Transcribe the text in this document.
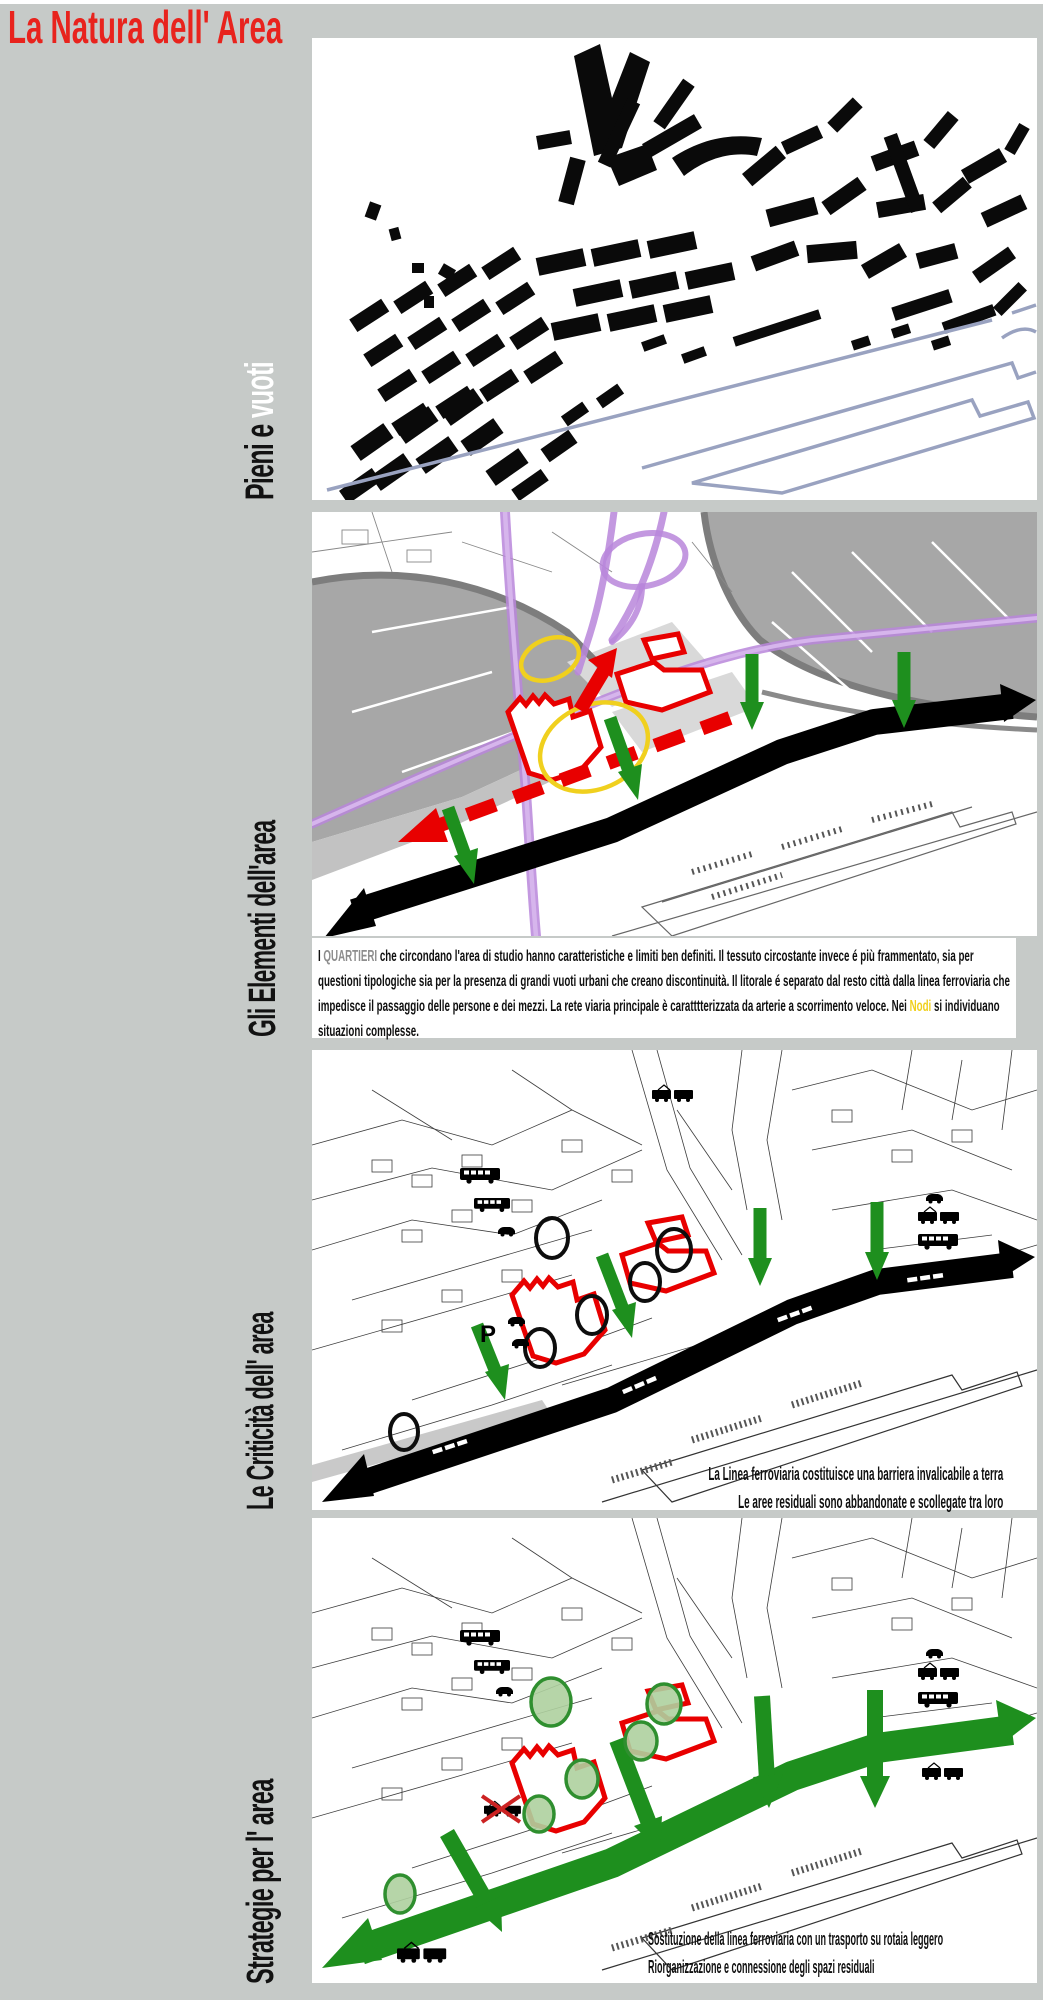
La Natura dell' Area
Pieni e vuoti
Gli Elementi dell'area I QUARTIERI che circondano l'area di studio hanno caratteristiche e limiti ben definiti. Il tessuto circostante invece é più frammentato, sia per questioni tipologiche sia per la presenza di grandi vuoti urbani che creano discontinuità. Il litorale é separato dal resto città dalla linea ferroviaria che impedisce il passaggio delle persone e dei mezzi. La rete viaria principale è caratttterizzata da arterie a scorrimento veloce. Nei Nodi si individuano situazioni complesse.
Le Criticità dell' area	P
La Linea ferroviaria costituisce una barriera invalicabile a terra
Le aree residuali sono abbandonate e scollegate tra loro
Strategie per l' area	Sostituzione della linea ferroviaria con un trasporto su rotaia leggero
Riorganizzazione e connessione degli spazi residuali
